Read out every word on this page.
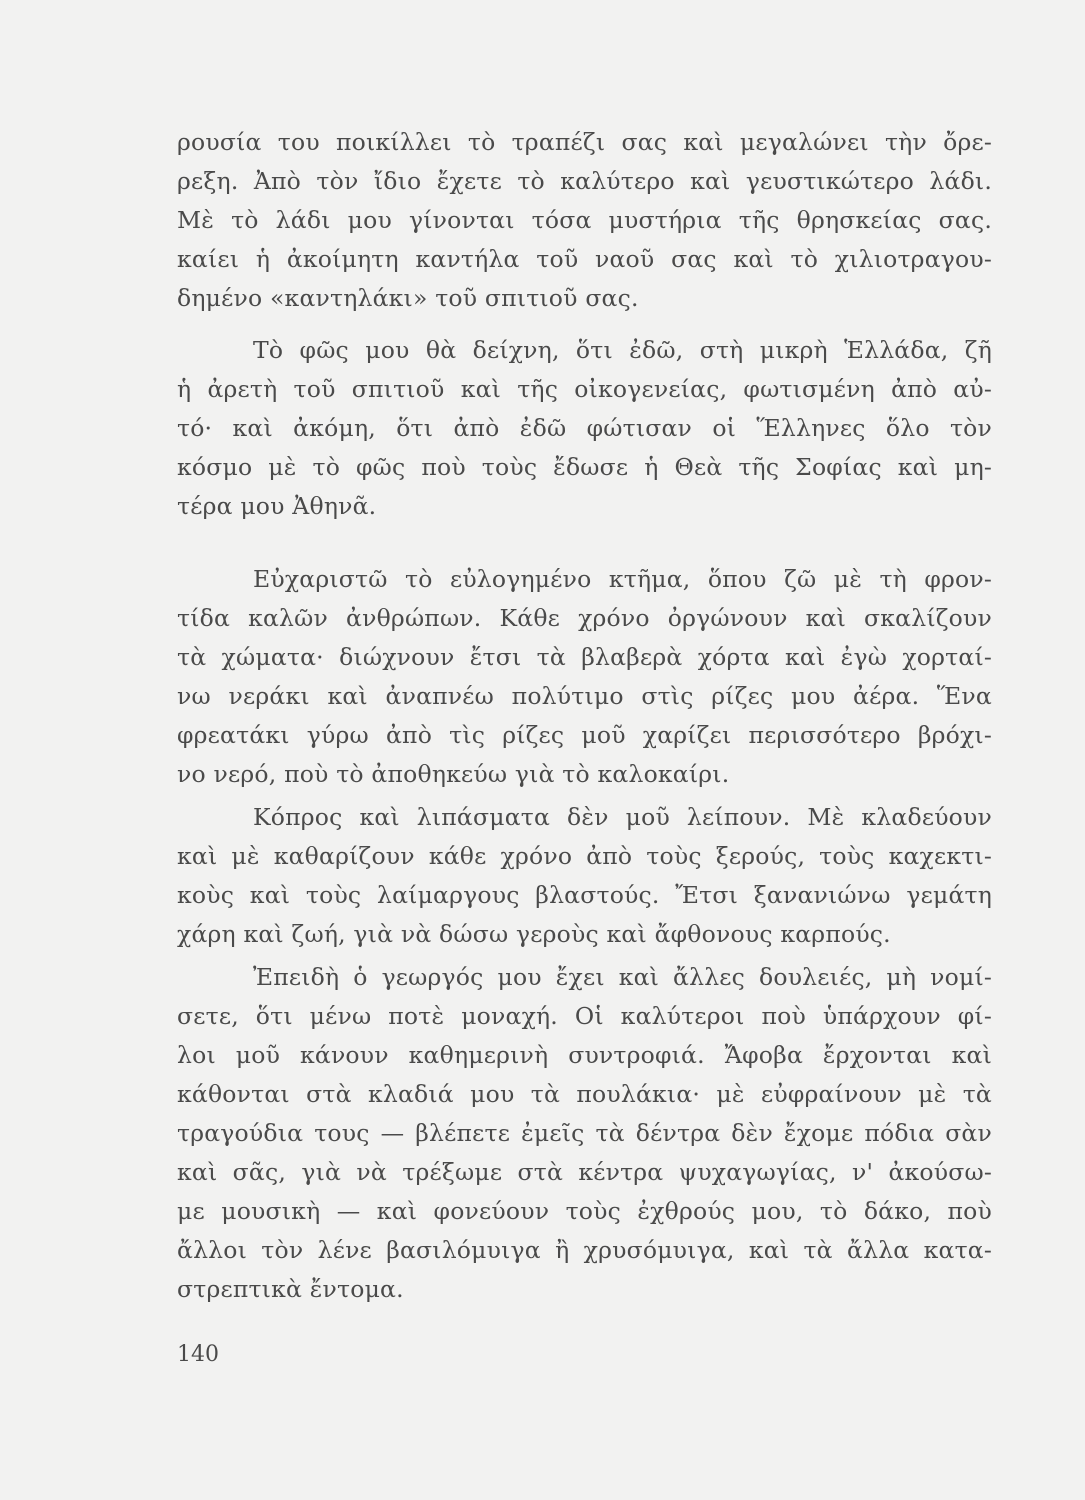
ρουσία του ποικίλλει τὸ τραπέζι σας καὶ μεγαλώνει τὴν ὄρε-
ρεξη. Ἀπὸ τὸν ἴδιο ἔχετε τὸ καλύτερο καὶ γευστικώτερο λάδι.
Μὲ τὸ λάδι μου γίνονται τόσα μυστήρια τῆς θρησκείας σας.
καίει ἡ ἀκοίμητη καντήλα τοῦ ναοῦ σας καὶ τὸ χιλιοτραγου-
δημένο «καντηλάκι» τοῦ σπιτιοῦ σας.
Τὸ φῶς μου θὰ δείχνη, ὅτι ἐδῶ, στὴ μικρὴ Ἑλλάδα, ζῆ
ἡ ἀρετὴ τοῦ σπιτιοῦ καὶ τῆς οἰκογενείας, φωτισμένη ἀπὸ αὐ-
τό· καὶ ἀκόμη, ὅτι ἀπὸ ἐδῶ φώτισαν οἱ Ἕλληνες ὅλο τὸν
κόσμο μὲ τὸ φῶς ποὺ τοὺς ἔδωσε ἡ Θεὰ τῆς Σοφίας καὶ μη-
τέρα μου Ἀθηνᾶ.
Εὐχαριστῶ τὸ εὐλογημένο κτῆμα, ὅπου ζῶ μὲ τὴ φρον-
τίδα καλῶν ἀνθρώπων. Κάθε χρόνο ὀργώνουν καὶ σκαλίζουν
τὰ χώματα· διώχνουν ἔτσι τὰ βλαβερὰ χόρτα καὶ ἐγὼ χορταί-
νω νεράκι καὶ ἀναπνέω πολύτιμο στὶς ρίζες μου ἀέρα. Ἕνα
φρεατάκι γύρω ἀπὸ τὶς ρίζες μοῦ χαρίζει περισσότερο βρόχι-
νο νερό, ποὺ τὸ ἀποθηκεύω γιὰ τὸ καλοκαίρι.
Κόπρος καὶ λιπάσματα δὲν μοῦ λείπουν. Μὲ κλαδεύουν
καὶ μὲ καθαρίζουν κάθε χρόνο ἀπὸ τοὺς ξερούς, τοὺς καχεκτι-
κοὺς καὶ τοὺς λαίμαργους βλαστούς. Ἔτσι ξανανιώνω γεμάτη
χάρη καὶ ζωή, γιὰ νὰ δώσω γεροὺς καὶ ἄφθονους καρπούς.
Ἐπειδὴ ὁ γεωργός μου ἔχει καὶ ἄλλες δουλειές, μὴ νομί-
σετε, ὅτι μένω ποτὲ μοναχή. Οἱ καλύτεροι ποὺ ὑπάρχουν φί-
λοι μοῦ κάνουν καθημερινὴ συντροφιά. Ἄφοβα ἔρχονται καὶ
κάθονται στὰ κλαδιά μου τὰ πουλάκια· μὲ εὐφραίνουν μὲ τὰ
τραγούδια τους — βλέπετε ἐμεῖς τὰ δέντρα δὲν ἔχομε πόδια σὰν
καὶ σᾶς, γιὰ νὰ τρέξωμε στὰ κέντρα ψυχαγωγίας, ν' ἀκούσω-
με μουσικὴ — καὶ φονεύουν τοὺς ἐχθρούς μου, τὸ δάκο, ποὺ
ἄλλοι τὸν λένε βασιλόμυιγα ἢ χρυσόμυιγα, καὶ τὰ ἄλλα κατα-
στρεπτικὰ ἔντομα.
140
